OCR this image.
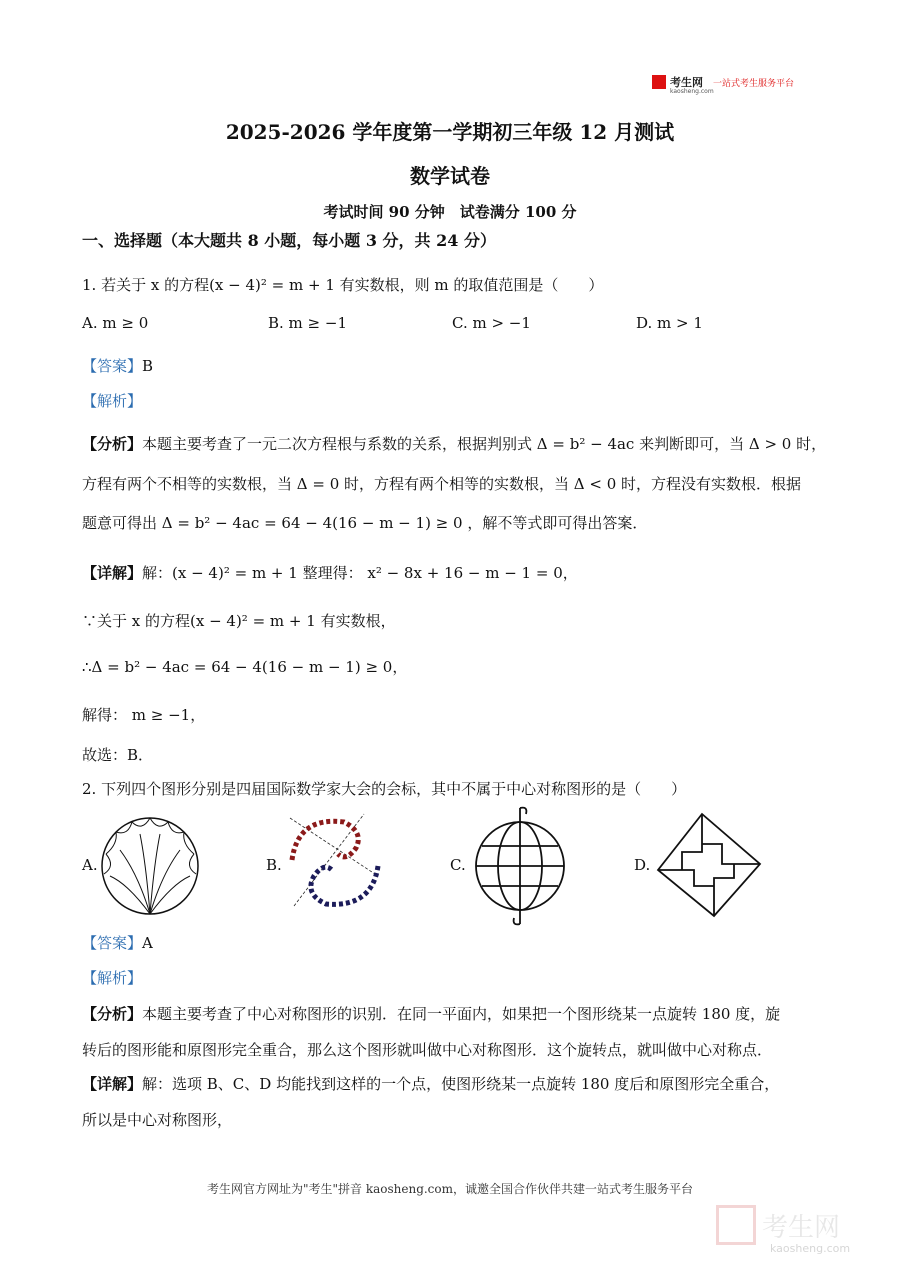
考生网 一站式考生服务平台
kaosheng.com
2025-2026 学年度第一学期初三年级 12 月测试
数学试卷
考试时间 90 分钟　试卷满分 100 分
一、选择题（本大题共 8 小题，每小题 3 分，共 24 分）
1. 若关于 x 的方程(x − 4)² = m + 1 有实数根，则 m 的取值范围是（　　）
A. m ≥ 0	B. m ≥ −1	C. m > −1	D. m > 1
【答案】B
【解析】
【分析】本题主要考查了一元二次方程根与系数的关系，根据判别式 Δ = b² − 4ac 来判断即可，当 Δ > 0 时，
方程有两个不相等的实数根，当 Δ = 0 时，方程有两个相等的实数根，当 Δ < 0 时，方程没有实数根．根据
题意可得出 Δ = b² − 4ac = 64 − 4(16 − m − 1) ≥ 0 ，解不等式即可得出答案．
【详解】解：(x − 4)² = m + 1 整理得： x² − 8x + 16 − m − 1 = 0，
∵关于 x 的方程(x − 4)² = m + 1 有实数根，
∴Δ = b² − 4ac = 64 − 4(16 − m − 1) ≥ 0，
解得： m ≥ −1，
故选：B．
2. 下列四个图形分别是四届国际数学家大会的会标，其中不属于中心对称图形的是（　　）
A.	B.	C.	D.
【答案】A
【解析】
【分析】本题主要考查了中心对称图形的识别．在同一平面内，如果把一个图形绕某一点旋转 180 度，旋
转后的图形能和原图形完全重合，那么这个图形就叫做中心对称图形．这个旋转点，就叫做中心对称点．
【详解】解：选项 B、C、D 均能找到这样的一个点，使图形绕某一点旋转 180 度后和原图形完全重合，
所以是中心对称图形，
考生网官方网址为"考生"拼音 kaosheng.com，诚邀全国合作伙伴共建一站式考生服务平台
考生网
kaosheng.com
